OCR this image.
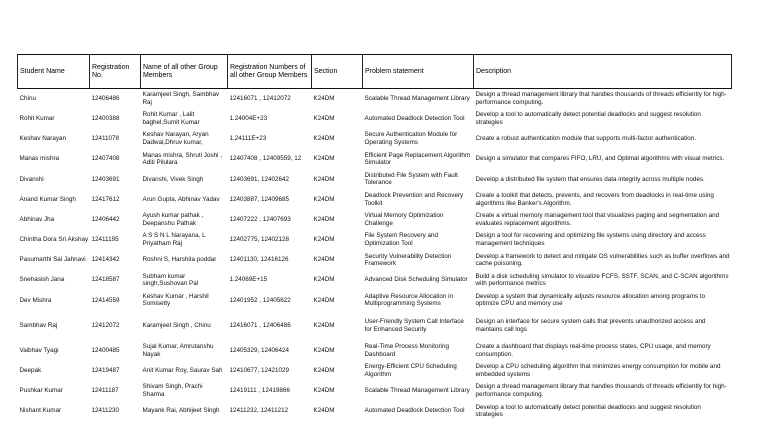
Student Name	Registration No.	Name of all other Group Members	Registration Numbers of all other Group Members	Section	Problem statement	Description
Chinu	12406486	Karamjeet Singh, Sambhav Raj	12416071 , 12412072	K24DM	Scalable Thread Management Library	Design a thread management library that handles thousands of threads efficiently for high-performance computing.
Rohit Kumar	12400388	Rohit Kumar , Lalit baghel,Sumit Kumar	1.24004E+23	K24DM	Automated Deadlock Detection Tool	Develop a tool to automatically detect potential deadlocks and suggest resolution strategies
Keshav Narayan	12411078	Keshav Narayan, Aryan Dadwal,Dhruv kumar,	1.24111E+23	K24DM	Secure Authentication Module for Operating Systems	Create a robust authentication module that supports multi-factor authentication.
Manas mishra	12407408	Manas mishra, Shruti Joshi , Aditi Pilulara	12407408 , 12409559, 12	K24DM	Efficient Page Replacement Algorithm Simulator	Design a simulator that compares FIFO, LRU, and Optimal algorithms with visual metrics.
Divanshi	12403691	Divanshi, Vivek Singh	12403691, 12402642	K24DM	Distributed File System with Fault Tolerance	Develop a distributed file system that ensures data integrity across multiple nodes.
Anand Kumar Singh	12417612	Arun Gupta, Abhinav Yadav	12403887, 12409685	K24DM	Deadlock Prevention and Recovery Toolkit	Create a toolkit that detects, prevents, and recovers from deadlocks in real-time using algorithms like Banker's Algorithm.
Abhinav Jha	12406442	Ayush kumar pathak , Deepanshu Pathak	12407222 , 12407693	K24DM	Virtual Memory Optimization Challenge	Create a virtual memory management tool that visualizes paging and segmentation and evaluates replacement algorithms.
Chintha Dora Sri Akshay	12411195	A S S N L Narayana, L Priyatham Raj	12402775, 12402128	K24DM	File System Recovery and Optimization Tool	Design a tool for recovering and optimizing file systems using directory and access management techniques
Pasumarthi Sai Jahnavi	12414342	Roshni S, Harshita poddar	12401130, 12416126	K24DM	Security Vulnerability Detection Framework	Develop a framework to detect and mitigate OS vulnerabilities such as buffer overflows and cache poisoning.
Snehasish Jana	12418587	Subham kumar singh,Sushovan Pal	1.24069E+15	K24DM	Advanced Disk Scheduling Simulator	Build a disk scheduling simulator to visualize FCFS, SSTF, SCAN, and C-SCAN algorithms with performance metrics
Dev Mishra	12414559	Keshav Kumar , Harshil Somisetty	12401952 , 12405622	K24DM	Adaptive Resource Allocation in Multiprogramming Systems	Develop a system that dynamically adjusts resource allocation among programs to optimize CPU and memory use
Sambhav Raj	12412072	Karamjeet Singh , Chinu	12416071 , 12406486	K24DM	User-Friendly System Call Interface for Enhanced Security	Design an interface for secure system calls that prevents unauthorized access and maintains call logs
Vaibhav Tyagi	12400485	Sujal Kumar, Amrutanshu Nayak	12405329, 12406424	K24DM	Real-Time Process Monitoring Dashboard	Create a dashboard that displays real-time process states, CPU usage, and memory consumption.
Deepak	12419487	Anit Kumar Roy, Saurav Sah	12410677, 12421029	K24DM	Energy-Efficient CPU Scheduling Algorithm	Develop a CPU scheduling algorithm that minimizes energy consumption for mobile and embedded systems
Pushkar Kumar	12411187	Shivam Singh, Prachi Sharma	12419111 , 12419866	K24DM	Scalable Thread Management Library	Design a thread management library that handles thousands of threads efficiently for high-performance computing.
Nishant Kumar	12411230	Mayank Rai, Abhijeet Singh	12411232, 12411212	K24DM	Automated Deadlock Detection Tool	Develop a tool to automatically detect potential deadlocks and suggest resolution strategies
